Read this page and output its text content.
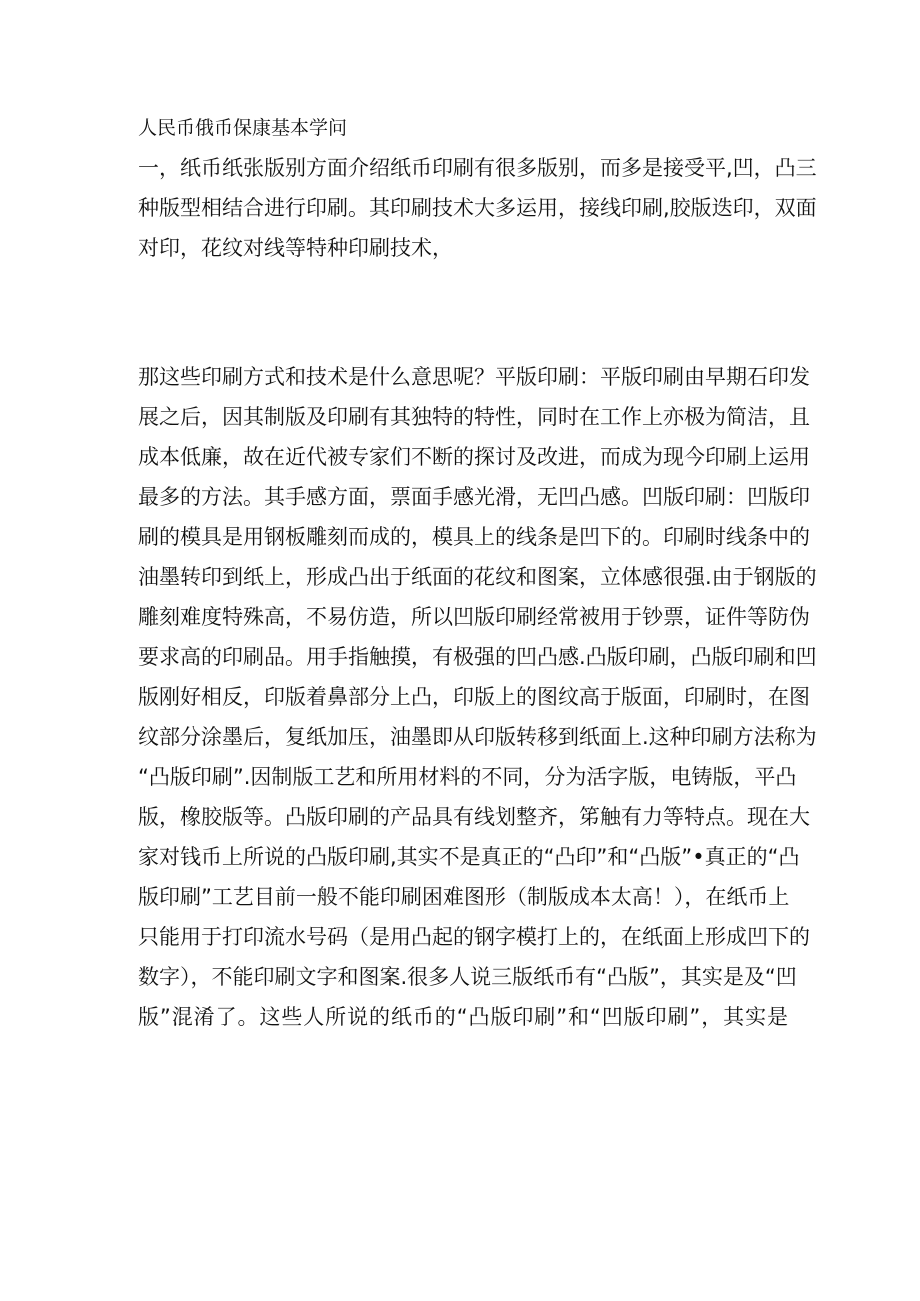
人民币俄币保康基本学问
一，纸币纸张版别方面介绍纸币印刷有很多版别，而多是接受平,凹，凸三
种版型相结合进行印刷。其印刷技术大多运用，接线印刷,胶版迭印，双面
对印，花纹对线等特种印刷技术，
那这些印刷方式和技术是什么意思呢？平版印刷：平版印刷由早期石印发
展之后，因其制版及印刷有其独特的特性，同时在工作上亦极为简洁，且
成本低廉，故在近代被专家们不断的探讨及改进，而成为现今印刷上运用
最多的方法。其手感方面，票面手感光滑，无凹凸感。凹版印刷：凹版印
刷的模具是用钢板雕刻而成的，模具上的线条是凹下的。印刷时线条中的
油墨转印到纸上，形成凸出于纸面的花纹和图案，立体感很强.由于钢版的
雕刻难度特殊高，不易仿造，所以凹版印刷经常被用于钞票，证件等防伪
要求高的印刷品。用手指触摸，有极强的凹凸感.凸版印刷，凸版印刷和凹
版刚好相反，印版着鼻部分上凸，印版上的图纹高于版面，印刷时，在图
纹部分涂墨后，复纸加压，油墨即从印版转移到纸面上.这种印刷方法称为
“凸版印刷”.因制版工艺和所用材料的不同，分为活字版，电铸版，平凸
版，橡胶版等。凸版印刷的产品具有线划整齐，笫触有力等特点。现在大
家对钱币上所说的凸版印刷,其实不是真正的“凸印”和“凸版”•真正的“凸
版印刷”工艺目前一般不能印刷困难图形（制版成本太高！），在纸币上
只能用于打印流水号码（是用凸起的钢字模打上的，在纸面上形成凹下的
数字），不能印刷文字和图案.很多人说三版纸币有“凸版”，其实是及“凹
版”混淆了。这些人所说的纸币的“凸版印刷”和“凹版印刷”，其实是
